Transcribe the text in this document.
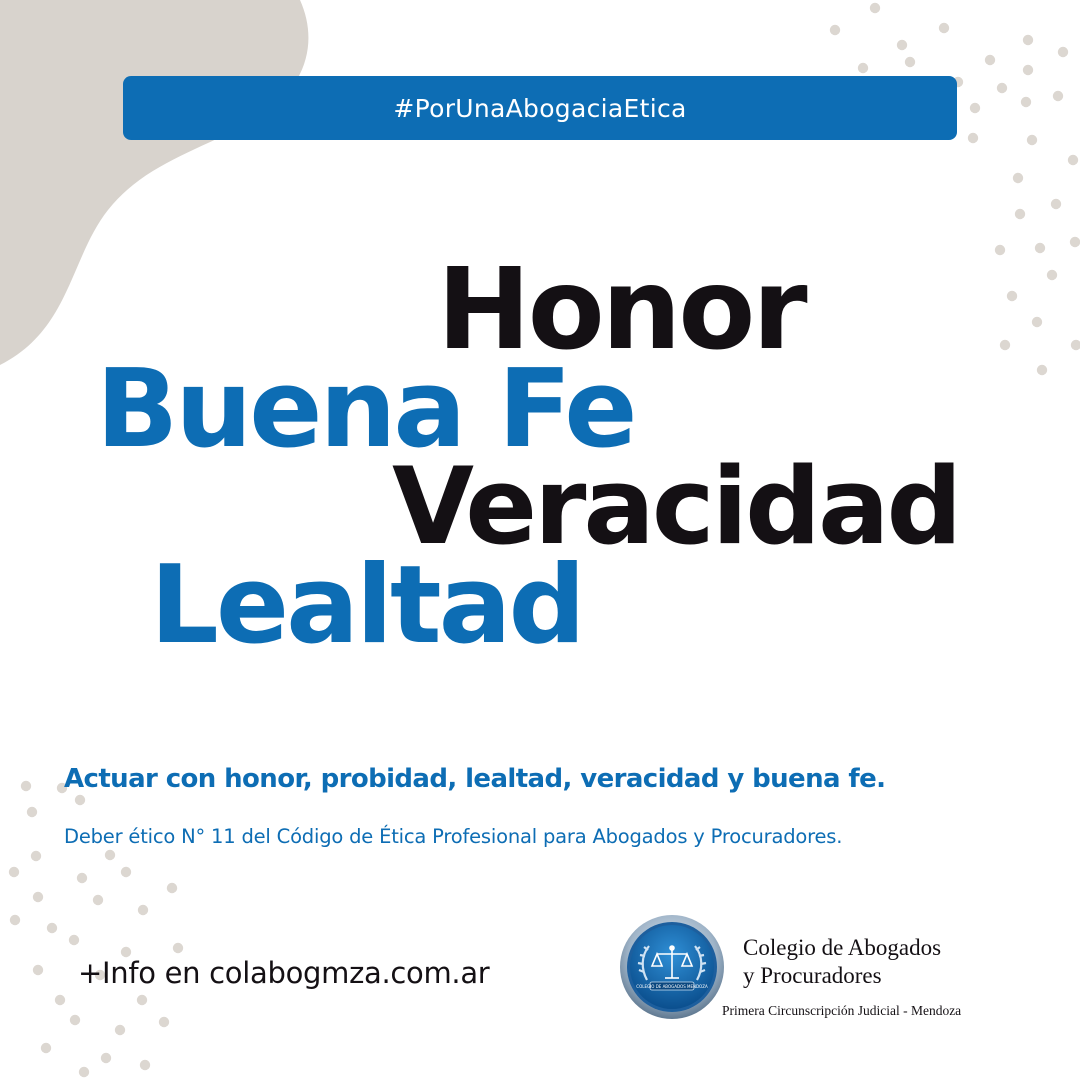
#PorUnaAbogaciaEtica
Honor
Buena Fe
Veracidad
Lealtad
Actuar con honor, probidad, lealtad, veracidad y buena fe.
Deber ético N° 11 del Código de Ética Profesional para Abogados y Procuradores.
+Info en colabogmza.com.ar	COLEGIO DE ABOGADOS MENDOZA
Colegio de Abogados
y Procuradores
Primera Circunscripción Judicial - Mendoza
